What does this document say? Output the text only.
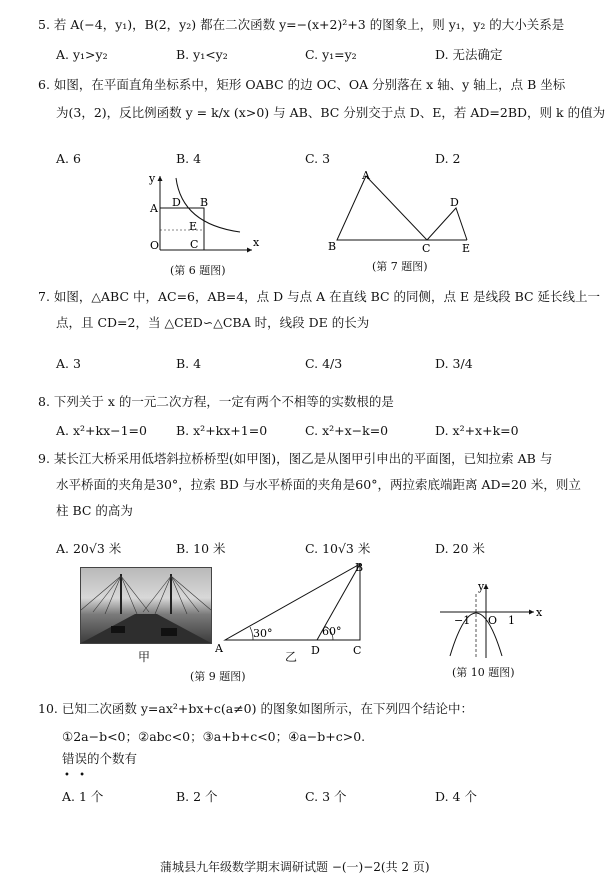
5. 若 A(−4，y₁)，B(2，y₂) 都在二次函数 y=−(x+2)²+3 的图象上，则 y₁，y₂ 的大小关系是
A. y₁>y₂	B. y₁<y₂	C. y₁=y₂	D. 无法确定
6. 如图，在平面直角坐标系中，矩形 OABC 的边 OC、OA 分别落在 x 轴、y 轴上，点 B 坐标
为(3，2)，反比例函数 y = k/x (x>0) 与 AB、BC 分别交于点 D、E，若 AD=2BD，则 k 的值为
A. 6	B. 4	C. 3	D. 2
y
x
A D B
E
O	C
(第 6 题图)
A
B	C
D
E
(第 7 题图)
7. 如图，△ABC 中，AC=6，AB=4，点 D 与点 A 在直线 BC 的同侧，点 E 是线段 BC 延长线上一
点，且 CD=2，当 △CED∽△CBA 时，线段 DE 的长为
A. 3	B. 4	C. 4/3	D. 3/4
8. 下列关于 x 的一元二次方程，一定有两个不相等的实数根的是
A. x²+kx−1=0 B. x²+kx+1=0	C. x²+x−k=0	D. x²+x+k=0
9. 某长江大桥采用低塔斜拉桥桥型(如甲图)，图乙是从图甲引申出的平面图，已知拉索 AB 与
水平桥面的夹角是30°，拉索 BD 与水平桥面的夹角是60°，两拉索底端距离 AD=20 米，则立
柱 BC 的高为
A. 20√3 米	B. 10 米	C. 10√3 米	D. 20 米
甲
A
B
C
D
30°	60°
乙
(第 9 题图)
y
x
−1 O 1
(第 10 题图)
10. 已知二次函数 y=ax²+bx+c(a≠0) 的图象如图所示，在下列四个结论中：
①2a−b<0；②abc<0；③a+b+c<0；④a−b+c>0.
错误的个数有
• •
A. 1 个	B. 2 个	C. 3 个	D. 4 个
蒲城县九年级数学期末调研试题 −(一)−2(共 2 页)
